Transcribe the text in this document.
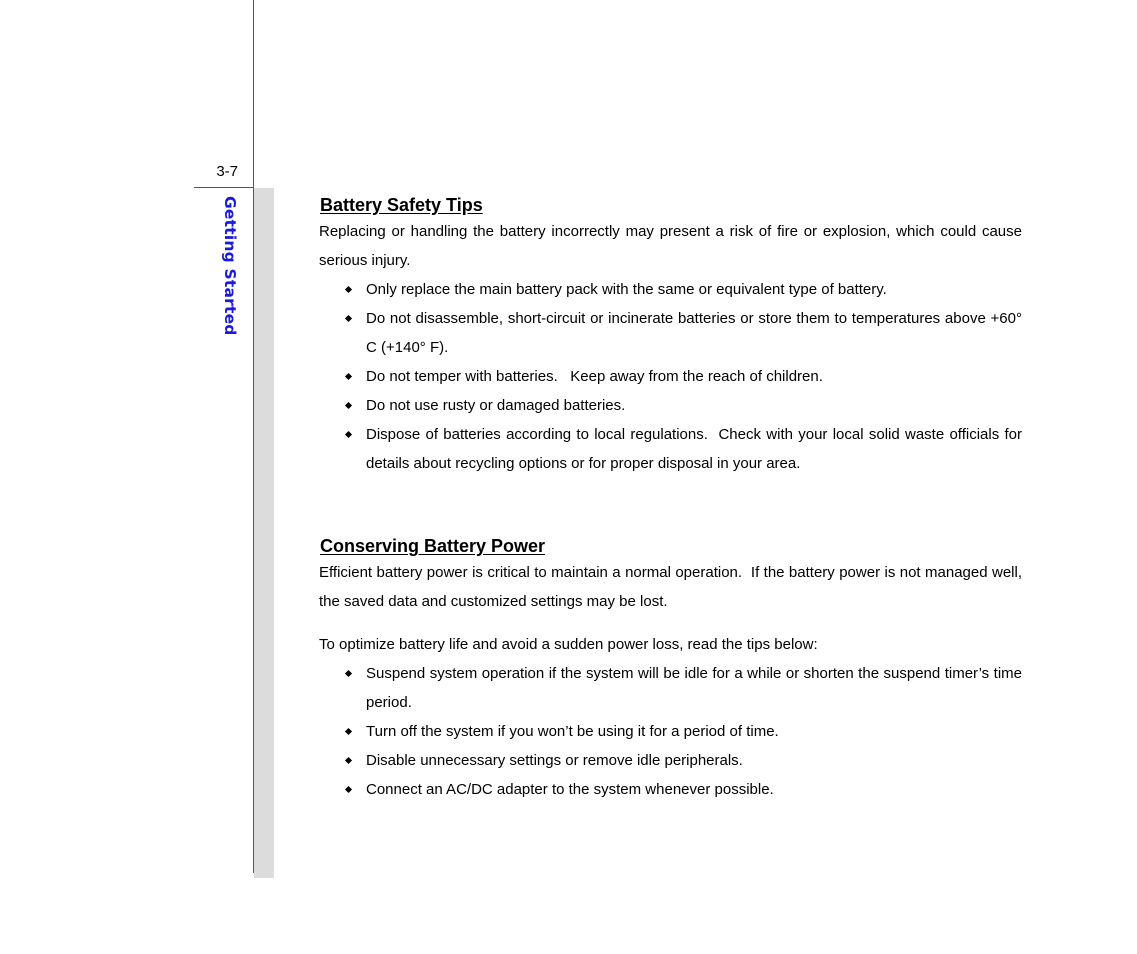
3-7
Getting Started	Battery Safety Tips

Replacing or handling the battery incorrectly may present a risk of fire or explosion, which could cause serious injury.

Only replace the main battery pack with the same or equivalent type of battery.
Do not disassemble, short-circuit or incinerate batteries or store them to temperatures above +60° C (+140° F).
Do not temper with batteries.   Keep away from the reach of children.
Do not use rusty or damaged batteries.
Dispose of batteries according to local regulations.  Check with your local solid waste officials for details about recycling options or for proper disposal in your area.
Conserving Battery Power

Efficient battery power is critical to maintain a normal operation.  If the battery power is not managed well, the saved data and customized settings may be lost.

To optimize battery life and avoid a sudden power loss, read the tips below:

Suspend system operation if the system will be idle for a while or shorten the suspend timer’s time period.
Turn off the system if you won’t be using it for a period of time.
Disable unnecessary settings or remove idle peripherals.
Connect an AC/DC adapter to the system whenever possible.
